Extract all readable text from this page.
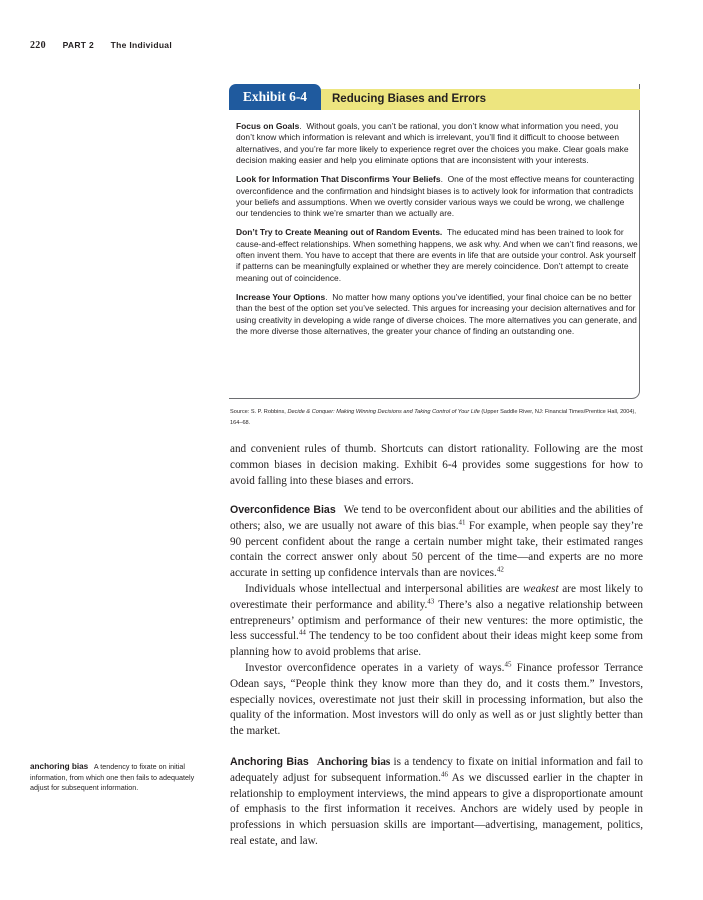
220 PART 2 The Individual
Exhibit 6-4	Reducing Biases and Errors

Focus on Goals.  Without goals, you can’t be rational, you don’t know what information you need, you don’t know which information is relevant and which is irrelevant, you’ll find it difficult to choose between alternatives, and you’re far more likely to experience regret over the choices you make. Clear goals make decision making easier and help you eliminate options that are inconsistent with your interests.

Look for Information That Disconfirms Your Beliefs.  One of the most effective means for counteracting overconfidence and the confirmation and hindsight biases is to actively look for information that contradicts your beliefs and assumptions. When we overtly consider various ways we could be wrong, we challenge our tendencies to think we’re smarter than we actually are.

Don’t Try to Create Meaning out of Random Events. The educated mind has been trained to look for cause-and-effect relationships. When something happens, we ask why. And when we can’t find reasons, we often invent them. You have to accept that there are events in life that are outside your control. Ask yourself if patterns can be meaningfully explained or whether they are merely coincidence. Don’t attempt to create meaning out of coincidence.

Increase Your Options.  No matter how many options you’ve identified, your final choice can be no better than the best of the option set you’ve selected. This argues for increasing your decision alternatives and for using creativity in developing a wide range of diverse choices. The more alternatives you can generate, and the more diverse those alternatives, the greater your chance of finding an outstanding one.

Source: S. P. Robbins, Decide & Conquer: Making Winning Decisions and Taking Control of Your Life (Upper Saddle River, NJ: Financial Times/Prentice Hall, 2004), 164–68.

and convenient rules of thumb. Shortcuts can distort rationality. Following are the most common biases in decision making. Exhibit 6-4 provides some suggestions for how to avoid falling into these biases and errors.

Overconfidence Bias We tend to be overconfident about our abilities and the abilities of others; also, we are usually not aware of this bias.$^{41}$ For example, when people say they’re 90 percent confident about the range a certain number might take, their estimated ranges contain the correct answer only about 50 percent of the time—and experts are no more accurate in setting up confidence intervals than are novices.$^{42}$

Individuals whose intellectual and interpersonal abilities are weakest are most likely to overestimate their performance and ability.$^{43}$ There’s also a negative relationship between entrepreneurs’ optimism and performance of their new ventures: the more optimistic, the less successful.$^{44}$ The tendency to be too confident about their ideas might keep some from planning how to avoid problems that arise.

Investor overconfidence operates in a variety of ways.$^{45}$ Finance professor Terrance Odean says, “People think they know more than they do, and it costs them.” Investors, especially novices, overestimate not just their skill in processing information, but also the quality of the information. Most investors will do only as well as or just slightly better than the market.

Anchoring Bias Anchoring bias is a tendency to fixate on initial information and fail to adequately adjust for subsequent information.$^{46}$ As we discussed earlier in the chapter in relationship to employment interviews, the mind appears to give a disproportionate amount of emphasis to the first information it receives. Anchors are widely used by people in professions in which persuasion skills are important—advertising, management, politics, real estate, and law.

anchoring bias A tendency to fixate on initial information, from which one then fails to adequately adjust for subsequent information.
